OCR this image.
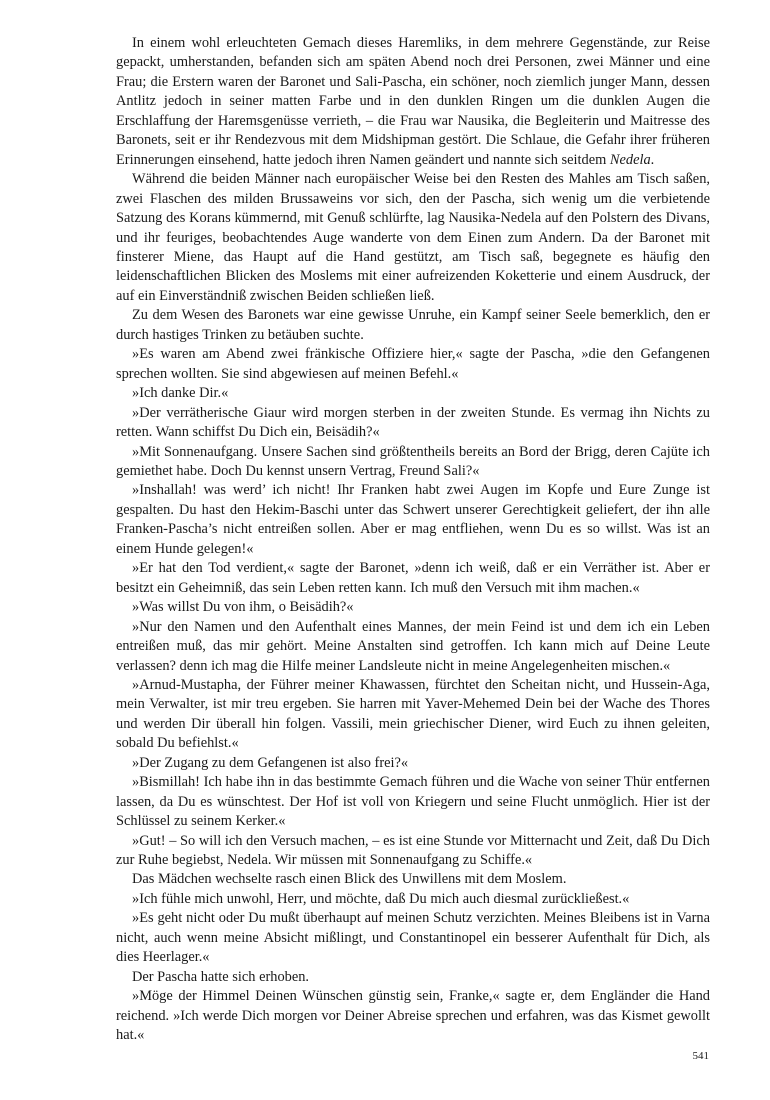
In einem wohl erleuchteten Gemach dieses Haremliks, in dem mehrere Gegenstände, zur Reise gepackt, umherstanden, befanden sich am späten Abend noch drei Personen, zwei Männer und eine Frau; die Erstern waren der Baronet und Sali-Pascha, ein schöner, noch ziemlich junger Mann, dessen Antlitz jedoch in seiner matten Farbe und in den dunklen Ringen um die dunklen Augen die Erschlaffung der Haremsgenüsse verrieth, – die Frau war Nausika, die Begleiterin und Maitresse des Baronets, seit er ihr Rendezvous mit dem Midshipman gestört. Die Schlaue, die Gefahr ihrer früheren Erinnerungen einsehend, hatte jedoch ihren Namen geändert und nannte sich seitdem Nedela.

Während die beiden Männer nach europäischer Weise bei den Resten des Mahles am Tisch saßen, zwei Flaschen des milden Brussaweins vor sich, den der Pascha, sich wenig um die verbietende Satzung des Korans kümmernd, mit Genuß schlürfte, lag Nausika-Nedela auf den Polstern des Divans, und ihr feuriges, beobachtendes Auge wanderte von dem Einen zum Andern. Da der Baronet mit finsterer Miene, das Haupt auf die Hand gestützt, am Tisch saß, begegnete es häufig den leidenschaftlichen Blicken des Moslems mit einer aufreizenden Koketterie und einem Ausdruck, der auf ein Einverständniß zwischen Beiden schließen ließ.

Zu dem Wesen des Baronets war eine gewisse Unruhe, ein Kampf seiner Seele bemerklich, den er durch hastiges Trinken zu betäuben suchte.

»Es waren am Abend zwei fränkische Offiziere hier,« sagte der Pascha, »die den Gefangenen sprechen wollten. Sie sind abgewiesen auf meinen Befehl.«

»Ich danke Dir.«

»Der verrätherische Giaur wird morgen sterben in der zweiten Stunde. Es vermag ihn Nichts zu retten. Wann schiffst Du Dich ein, Beisädih?«

»Mit Sonnenaufgang. Unsere Sachen sind größtentheils bereits an Bord der Brigg, deren Cajüte ich gemiethet habe. Doch Du kennst unsern Vertrag, Freund Sali?«

»Inshallah! was werd’ ich nicht! Ihr Franken habt zwei Augen im Kopfe und Eure Zunge ist gespalten. Du hast den Hekim-Baschi unter das Schwert unserer Gerechtigkeit geliefert, der ihn alle Franken-Pascha’s nicht entreißen sollen. Aber er mag entfliehen, wenn Du es so willst. Was ist an einem Hunde gelegen!«

»Er hat den Tod verdient,« sagte der Baronet, »denn ich weiß, daß er ein Verräther ist. Aber er besitzt ein Geheimniß, das sein Leben retten kann. Ich muß den Versuch mit ihm machen.«

»Was willst Du von ihm, o Beisädih?«

»Nur den Namen und den Aufenthalt eines Mannes, der mein Feind ist und dem ich ein Leben entreißen muß, das mir gehört. Meine Anstalten sind getroffen. Ich kann mich auf Deine Leute verlassen? denn ich mag die Hilfe meiner Landsleute nicht in meine Angelegenheiten mischen.«

»Arnud-Mustapha, der Führer meiner Khawassen, fürchtet den Scheitan nicht, und Hussein-Aga, mein Verwalter, ist mir treu ergeben. Sie harren mit Yaver-Mehemed Dein bei der Wache des Thores und werden Dir überall hin folgen. Vassili, mein griechischer Diener, wird Euch zu ihnen geleiten, sobald Du befiehlst.«

»Der Zugang zu dem Gefangenen ist also frei?«

»Bismillah! Ich habe ihn in das bestimmte Gemach führen und die Wache von seiner Thür entfernen lassen, da Du es wünschtest. Der Hof ist voll von Kriegern und seine Flucht unmöglich. Hier ist der Schlüssel zu seinem Kerker.«

»Gut! – So will ich den Versuch machen, – es ist eine Stunde vor Mitternacht und Zeit, daß Du Dich zur Ruhe begiebst, Nedela. Wir müssen mit Sonnenaufgang zu Schiffe.«

Das Mädchen wechselte rasch einen Blick des Unwillens mit dem Moslem.

»Ich fühle mich unwohl, Herr, und möchte, daß Du mich auch diesmal zurückließest.«

»Es geht nicht oder Du mußt überhaupt auf meinen Schutz verzichten. Meines Bleibens ist in Varna nicht, auch wenn meine Absicht mißlingt, und Constantinopel ein besserer Aufenthalt für Dich, als dies Heerlager.«

Der Pascha hatte sich erhoben.

»Möge der Himmel Deinen Wünschen günstig sein, Franke,« sagte er, dem Engländer die Hand reichend. »Ich werde Dich morgen vor Deiner Abreise sprechen und erfahren, was das Kismet gewollt hat.«

541
